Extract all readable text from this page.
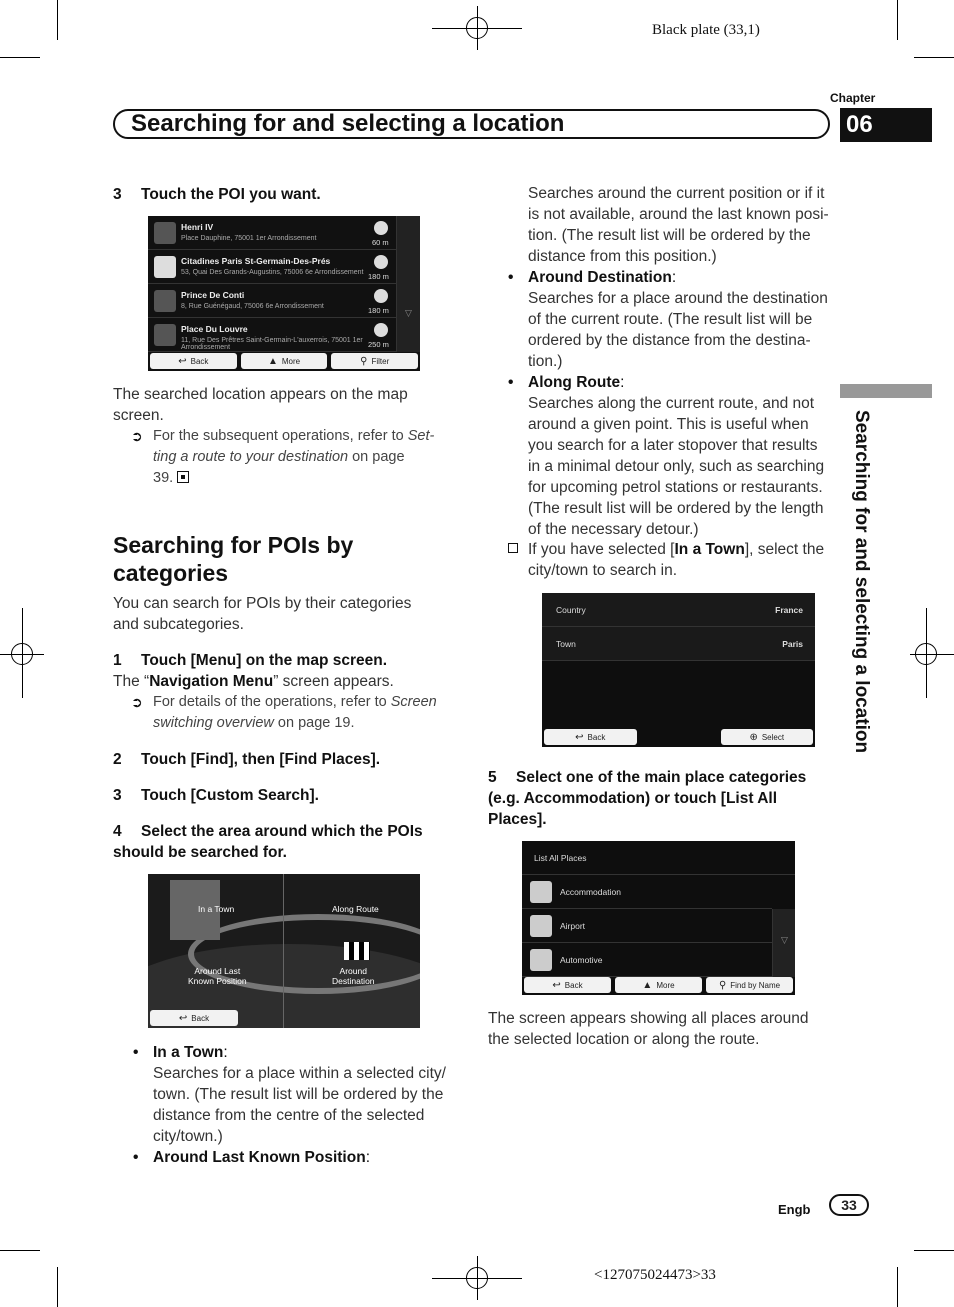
Black plate (33,1)
Chapter
06
Searching for and selecting a location
Searching for and selecting a location
3 Touch the POI you want.
Henri IV
Place Dauphine, 75001 1er Arrondissement	60 m
Citadines Paris St-Germain-Des-Prés
53, Quai Des Grands-Augustins, 75006 6e Arrondissement 180 m
Prince De Conti
8, Rue Guénégaud, 75006 6e Arrondissement	180 m
Place Du Louvre
11, Rue Des Prêtres Saint-Germain-L'auxerrois, 75001 1er Arrondissement	250 m
▽
↩ Back	▲ More	⚲ Filter
The searched location appears on the map
screen.
➲ For the subsequent operations, refer to Set-
ting a route to your destination on page
39.
Searching for POIs by
categories
You can search for POIs by their categories
and subcategories.
1 Touch [Menu] on the map screen.
The “Navigation Menu” screen appears.
➲ For details of the operations, refer to Screen
switching overview on page 19.
2 Touch [Find], then [Find Places].
3 Touch [Custom Search].
4 Select the area around which the POIs
should be searched for.
In a Town	Along Route
Around Last
Known Position
Around
Destination
↩ Back
• In a Town:
Searches for a place within a selected city/
town. (The result list will be ordered by the
distance from the centre of the selected
city/town.)
• Around Last Known Position:
Searches around the current position or if it
is not available, around the last known posi-
tion. (The result list will be ordered by the
distance from this position.)
• Around Destination:
Searches for a place around the destination
of the current route. (The result list will be
ordered by the distance from the destina-
tion.)
• Along Route:
Searches along the current route, and not
around a given point. This is useful when
you search for a later stopover that results
in a minimal detour only, such as searching
for upcoming petrol stations or restaurants.
(The result list will be ordered by the length
of the necessary detour.)
If you have selected [In a Town], select the
city/town to search in.
Country	France
Town	Paris
↩ Back	⊕ Select
5 Select one of the main place categories
(e.g. Accommodation) or touch [List All
Places].
List All Places
Accommodation
Airport
Automotive
▽
↩ Back	▲ More	⚲ Find by Name
The screen appears showing all places around
the selected location or along the route.
Engb 33
<127075024473>33
